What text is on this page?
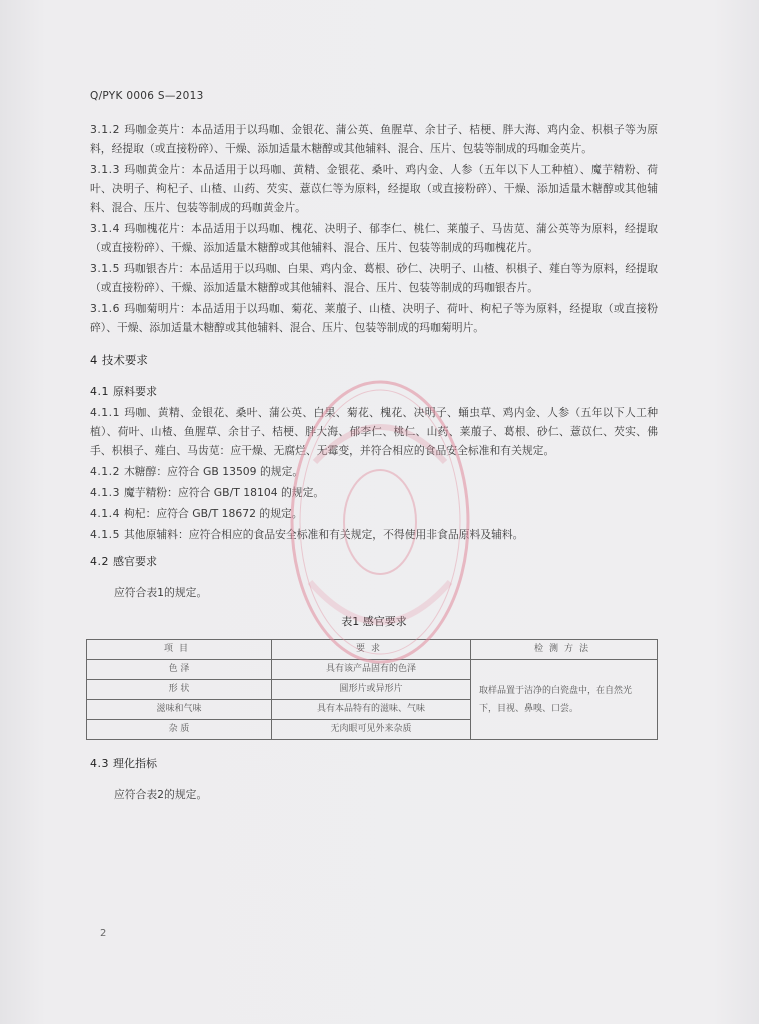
Q/PYK 0006 S—2013

3.1.2 玛咖金英片：本品适用于以玛咖、金银花、蒲公英、鱼腥草、余甘子、桔梗、胖大海、鸡内金、枳椇子等为原料，经提取（或直接粉碎）、干燥、添加适量木糖醇或其他辅料、混合、压片、包装等制成的玛咖金英片。

3.1.3 玛咖黄金片：本品适用于以玛咖、黄精、金银花、桑叶、鸡内金、人参（五年以下人工种植）、魔芋精粉、荷叶、决明子、枸杞子、山楂、山药、芡实、薏苡仁等为原料，经提取（或直接粉碎）、干燥、添加适量木糖醇或其他辅料、混合、压片、包装等制成的玛咖黄金片。

3.1.4 玛咖槐花片：本品适用于以玛咖、槐花、决明子、郁李仁、桃仁、莱菔子、马齿苋、蒲公英等为原料，经提取（或直接粉碎）、干燥、添加适量木糖醇或其他辅料、混合、压片、包装等制成的玛咖槐花片。

3.1.5 玛咖银杏片：本品适用于以玛咖、白果、鸡内金、葛根、砂仁、决明子、山楂、枳椇子、薤白等为原料，经提取（或直接粉碎）、干燥、添加适量木糖醇或其他辅料、混合、压片、包装等制成的玛咖银杏片。

3.1.6 玛咖菊明片：本品适用于以玛咖、菊花、莱菔子、山楂、决明子、荷叶、枸杞子等为原料，经提取（或直接粉碎）、干燥、添加适量木糖醇或其他辅料、混合、压片、包装等制成的玛咖菊明片。

4 技术要求
4.1 原料要求

4.1.1 玛咖、黄精、金银花、桑叶、蒲公英、白果、菊花、槐花、决明子、蛹虫草、鸡内金、人参（五年以下人工种植）、荷叶、山楂、鱼腥草、余甘子、桔梗、胖大海、郁李仁、桃仁、山药、莱菔子、葛根、砂仁、薏苡仁、芡实、佛手、枳椇子、薤白、马齿苋：应干燥、无腐烂、无霉变，并符合相应的食品安全标准和有关规定。

4.1.2 木糖醇：应符合 GB 13509 的规定。

4.1.3 魔芋精粉：应符合 GB/T 18104 的规定。

4.1.4 枸杞：应符合 GB/T 18672 的规定。

4.1.5 其他原辅料：应符合相应的食品安全标准和有关规定，不得使用非食品原料及辅料。

4.2 感官要求

应符合表1的规定。

表1 感官要求
项目	要求	检测方法
色 泽	具有该产品固有的色泽	取样品置于洁净的白瓷盘中，在自然光下，目视、鼻嗅、口尝。
形 状	圆形片或异形片	
滋味和气味	具有本品特有的滋味、气味	
杂 质	无肉眼可见外来杂质	
4.3 理化指标

应符合表2的规定。

2
